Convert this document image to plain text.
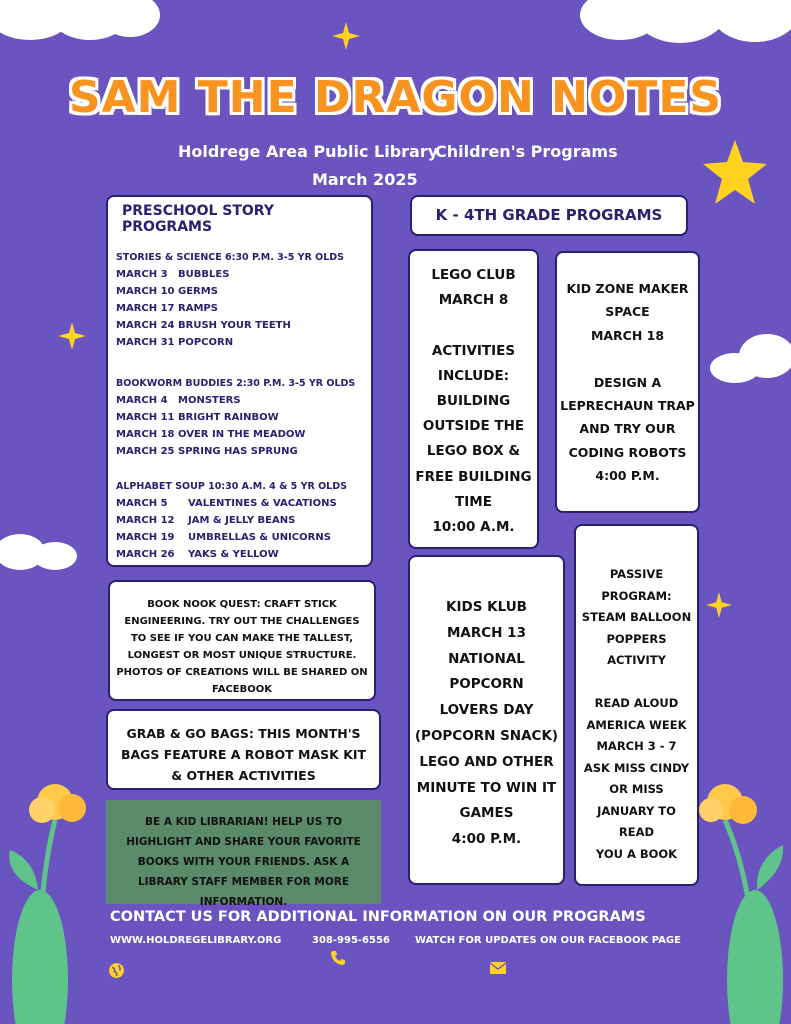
SAM THE DRAGON NOTES
Holdrege Area Public Library
Children's Programs
March 2025
PRESCHOOL STORY PROGRAMS
STORIES & SCIENCE 6:30 P.M. 3-5 YR OLDS
MARCH 3	BUBBLES
MARCH 10 GERMS
MARCH 17 RAMPS
MARCH 24 BRUSH YOUR TEETH
MARCH 31 POPCORN
BOOKWORM BUDDIES 2:30 P.M. 3-5 YR OLDS
MARCH 4	MONSTERS
MARCH 11 BRIGHT RAINBOW
MARCH 18 OVER IN THE MEADOW
MARCH 25 SPRING HAS SPRUNG
ALPHABET SOUP 10:30 A.M. 4 & 5 YR OLDS
MARCH 5	VALENTINES & VACATIONS
MARCH 12	JAM & JELLY BEANS
MARCH 19	UMBRELLAS & UNICORNS
MARCH 26	YAKS & YELLOW
BOOK NOOK QUEST: CRAFT STICK ENGINEERING. TRY OUT THE CHALLENGES TO SEE IF YOU CAN MAKE THE TALLEST, LONGEST OR MOST UNIQUE STRUCTURE. PHOTOS OF CREATIONS WILL BE SHARED ON FACEBOOK
GRAB & GO BAGS: THIS MONTH'S BAGS FEATURE A ROBOT MASK KIT & OTHER ACTIVITIES
BE A KID LIBRARIAN! HELP US TO HIGHLIGHT AND SHARE YOUR FAVORITE BOOKS WITH YOUR FRIENDS. ASK A LIBRARY STAFF MEMBER FOR MORE INFORMATION.
K - 4TH GRADE PROGRAMS
LEGO CLUB
MARCH 8

ACTIVITIES
INCLUDE:
BUILDING
OUTSIDE THE
LEGO BOX &
FREE BUILDING
TIME
10:00 A.M.
KID ZONE MAKER
SPACE
MARCH 18

DESIGN A
LEPRECHAUN TRAP
AND TRY OUR
CODING ROBOTS
4:00 P.M.
KIDS KLUB
MARCH 13
NATIONAL POPCORN
LOVERS DAY
(POPCORN SNACK)
LEGO AND OTHER
MINUTE TO WIN IT
GAMES
4:00 P.M.
PASSIVE
PROGRAM:
STEAM BALLOON
POPPERS ACTIVITY

READ ALOUD
AMERICA WEEK
MARCH 3 - 7
ASK MISS CINDY
OR MISS
JANUARY TO READ
YOU A BOOK
CONTACT US FOR ADDITIONAL INFORMATION ON OUR PROGRAMS
WWW.HOLDREGELIBRARY.ORG	308-995-6556	WATCH FOR UPDATES ON OUR FACEBOOK PAGE
